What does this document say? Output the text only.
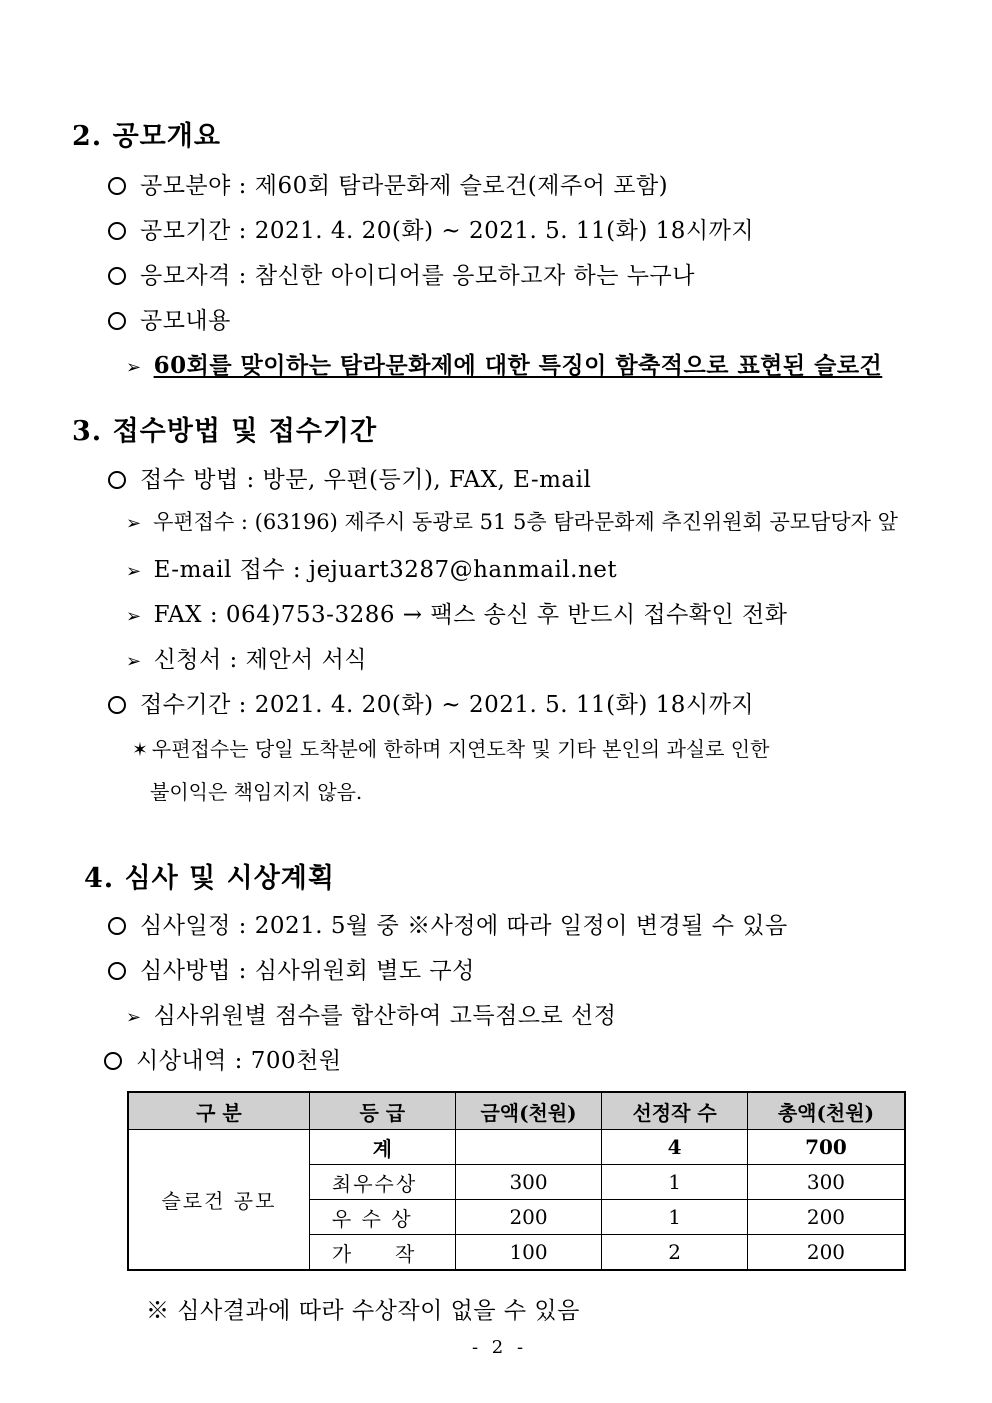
2. 공모개요
공모분야 : 제60회 탐라문화제 슬로건(제주어 포함)
공모기간 : 2021. 4. 20(화) ~ 2021. 5. 11(화) 18시까지
응모자격 : 참신한 아이디어를 응모하고자 하는 누구나
공모내용
➢ 60회를 맞이하는 탐라문화제에 대한 특징이 함축적으로 표현된 슬로건
3. 접수방법 및 접수기간
접수 방법 : 방문, 우편(등기), FAX, E-mail
➢ 우편접수 : (63196) 제주시 동광로 51 5층 탐라문화제 추진위원회 공모담당자 앞
➢ E-mail 접수 : jejuart3287@hanmail.net
➢ FAX : 064)753-3286 → 팩스 송신 후 반드시 접수확인 전화
➢ 신청서 : 제안서 서식
접수기간 : 2021. 4. 20(화) ~ 2021. 5. 11(화) 18시까지
✶ 우편접수는 당일 도착분에 한하며 지연도착 및 기타 본인의 과실로 인한
불이익은 책임지지 않음.
4. 심사 및 시상계획
심사일정 : 2021. 5월 중 ※사정에 따라 일정이 변경될 수 있음
심사방법 : 심사위원회 별도 구성
➢ 심사위원별 점수를 합산하여 고득점으로 선정
시상내역 : 700천원
구 분	등 급	금액(천원)	선정작 수	총액(천원)
슬로건 공모	계		4	700
	최우수상	300	1	300
	우 수 상	200	1	200
	가     작	100	2	200
※ 심사결과에 따라 수상작이 없을 수 있음
- 2 -
